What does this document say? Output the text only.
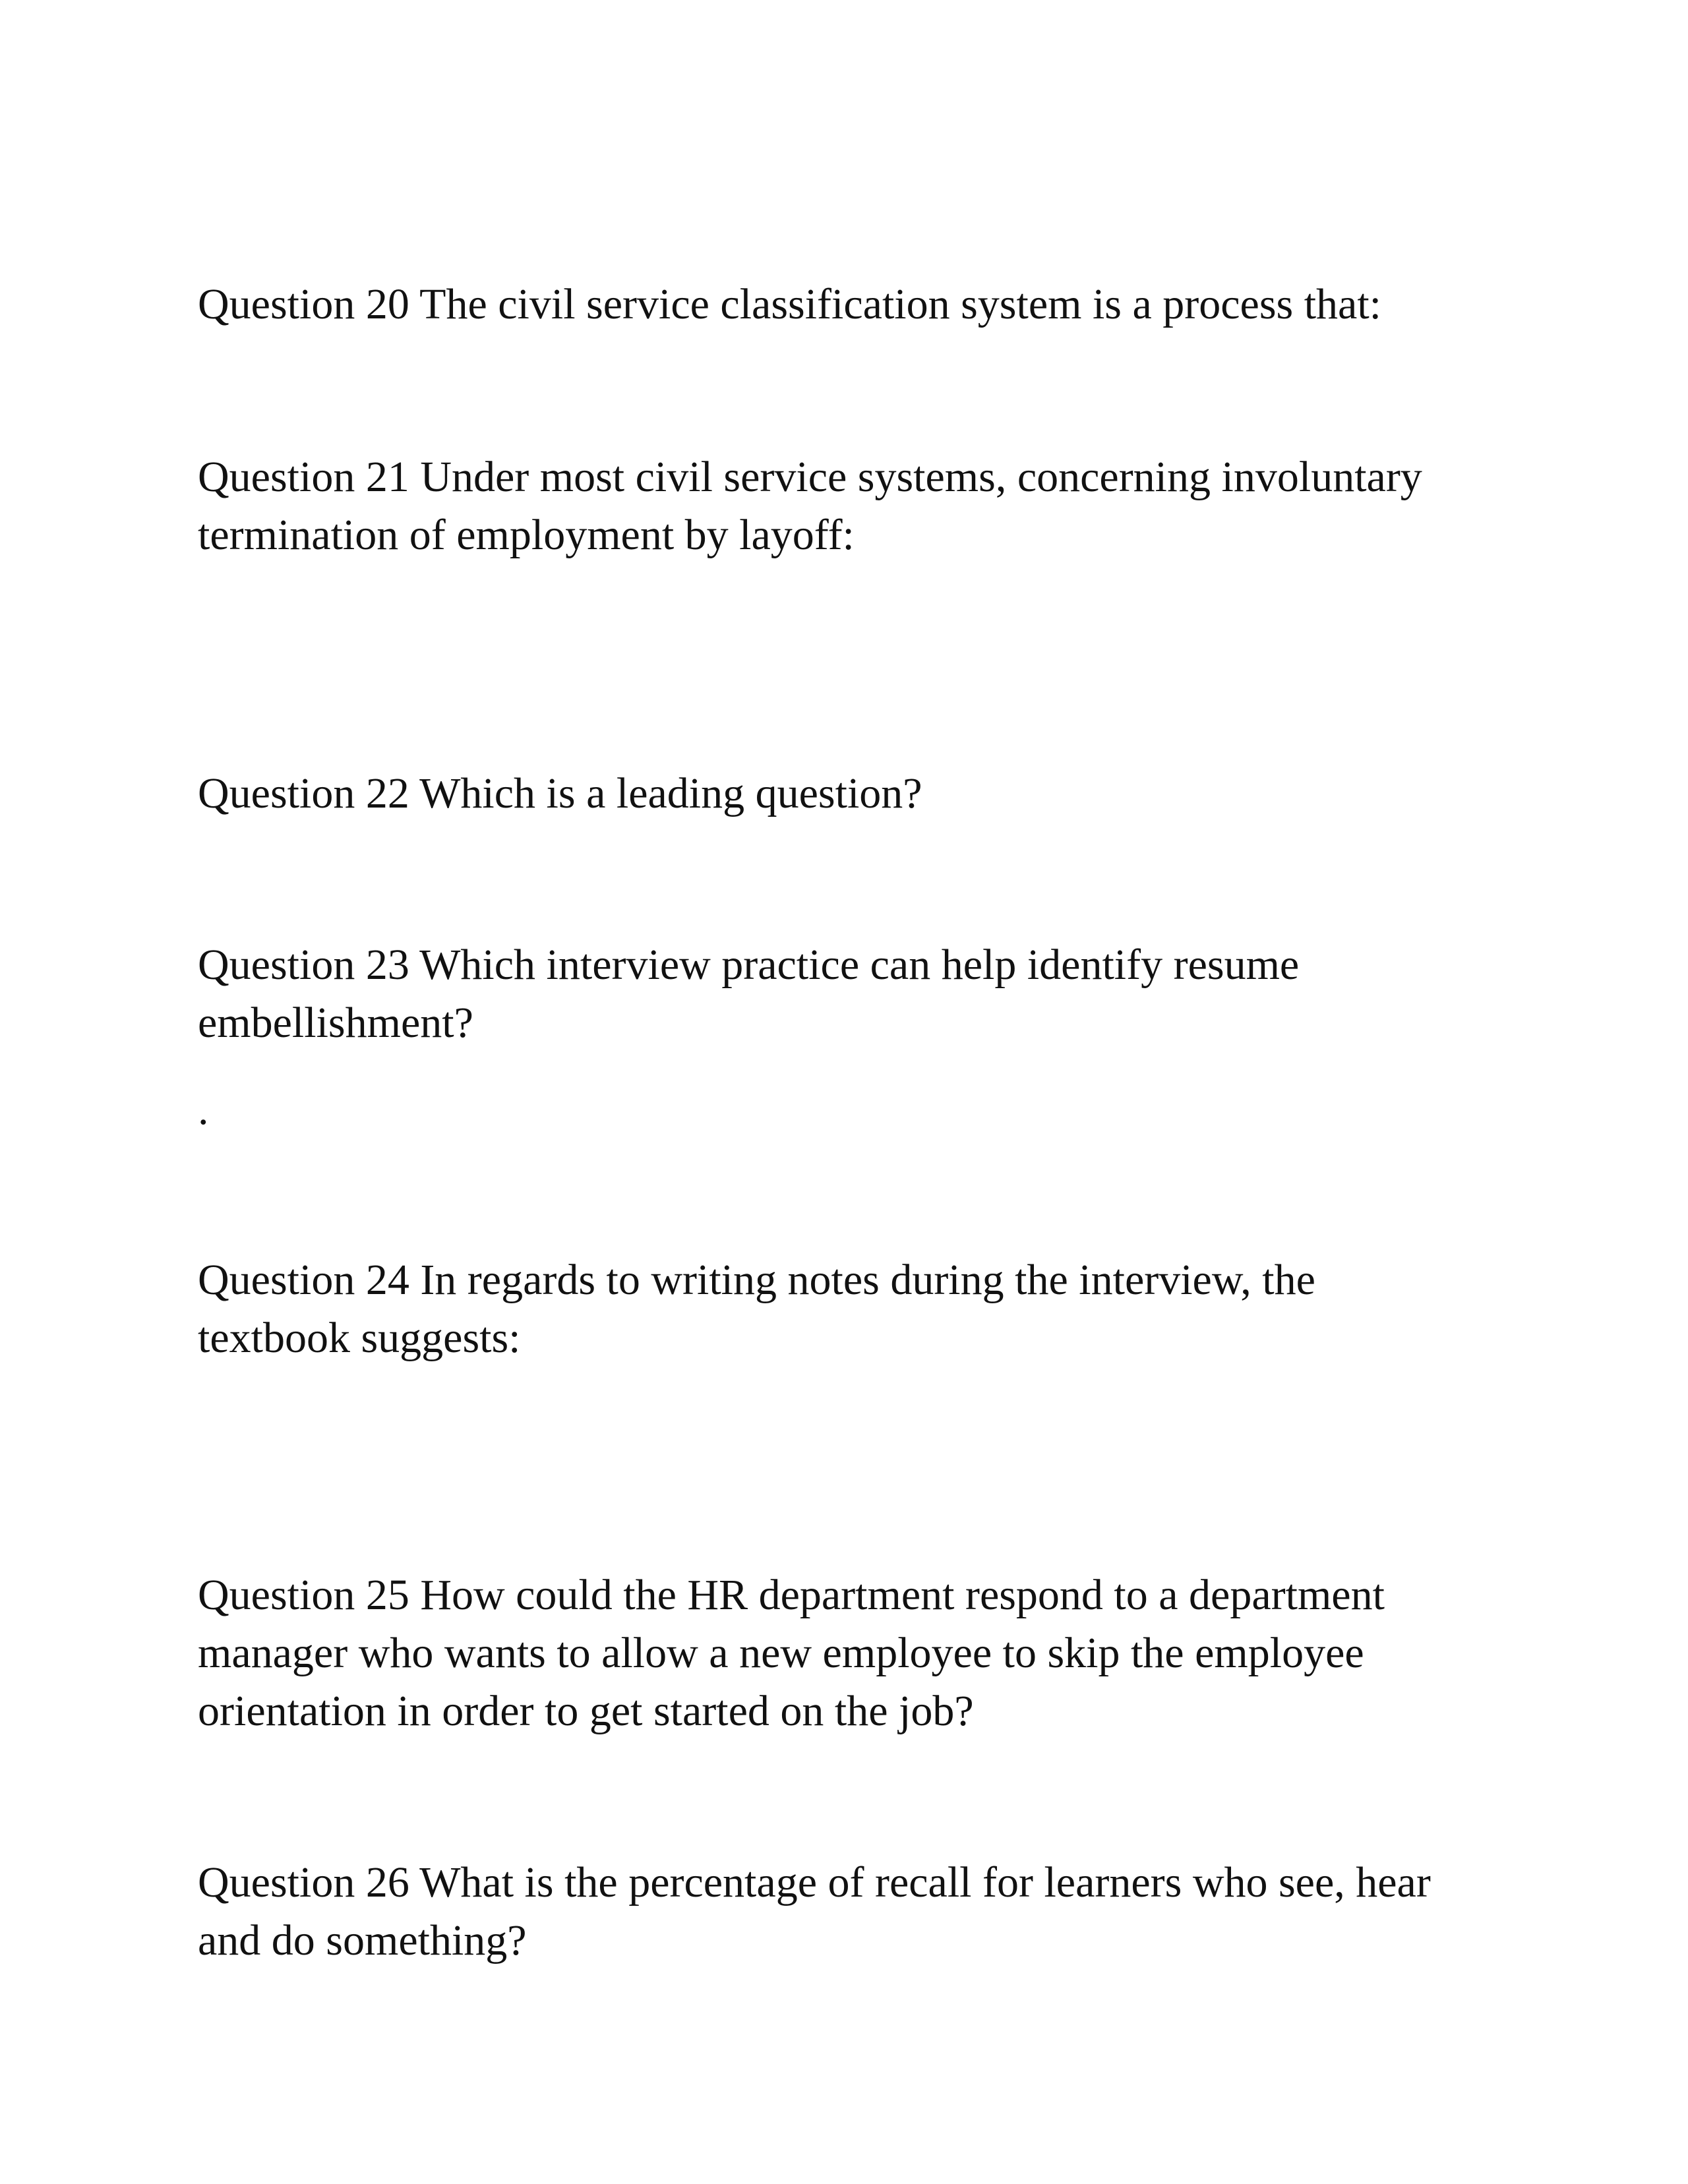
Question 20 The civil service classification system is a process that:

Question 21 Under most civil service systems, concerning involuntary
termination of employment by layoff:

Question 22 Which is a leading question?

Question 23 Which interview practice can help identify resume
embellishment?

.

Question 24 In regards to writing notes during the interview, the
textbook suggests:

Question 25 How could the HR department respond to a department
manager who wants to allow a new employee to skip the employee
orientation in order to get started on the job?

Question 26 What is the percentage of recall for learners who see, hear
and do something?
